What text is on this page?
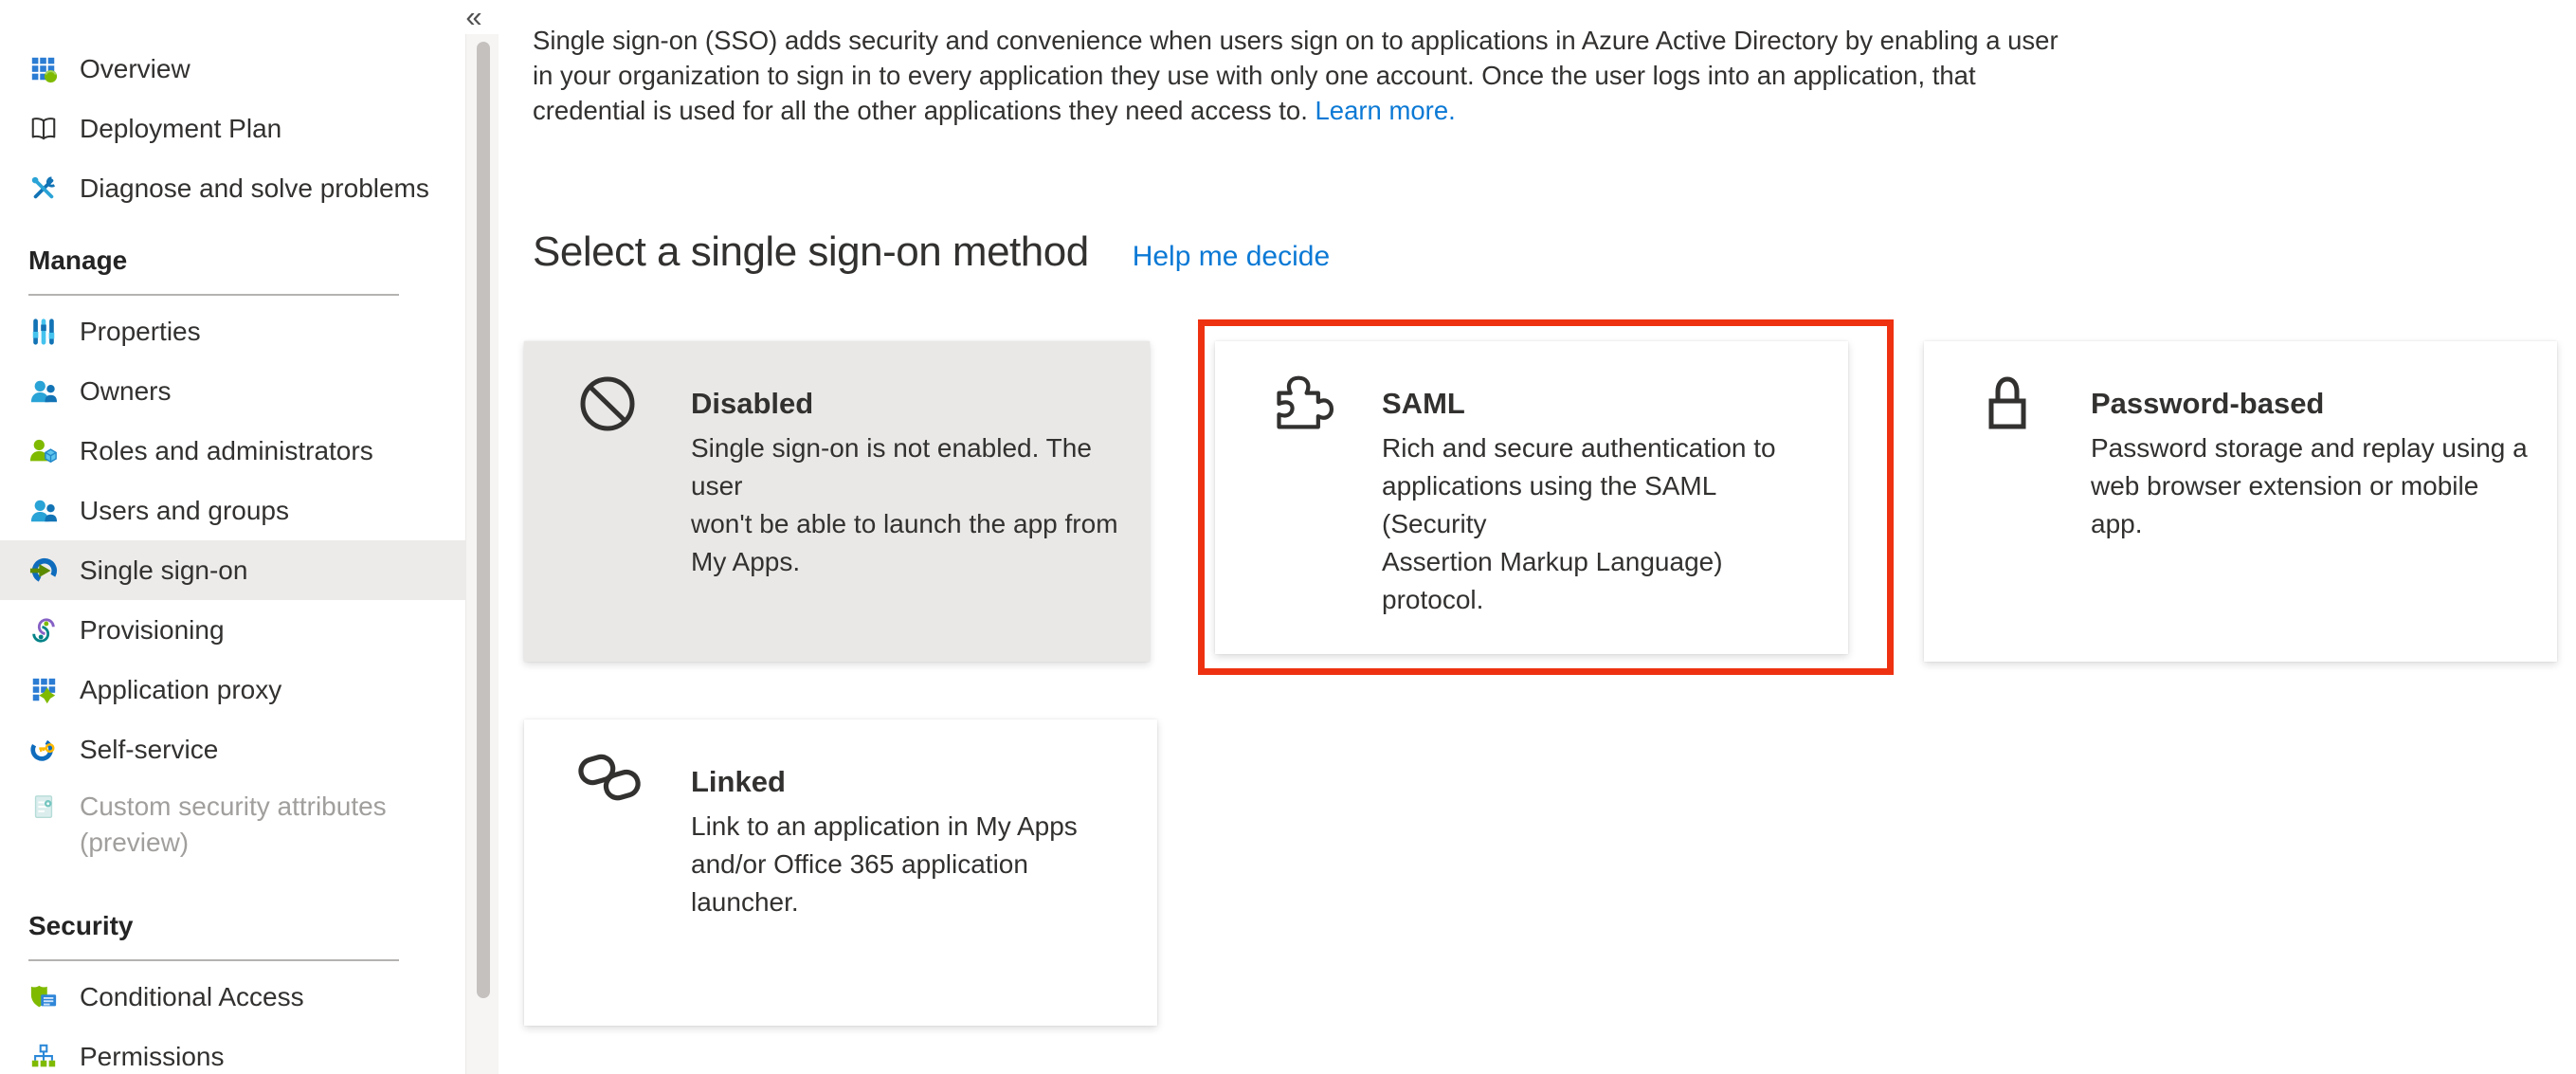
Overview
Deployment Plan
Diagnose and solve problems
Manage
Properties
Owners
Roles and administrators
Users and groups
Single sign-on
Provisioning
Application proxy
Self-service
Custom security attributes
(preview)
Security
Conditional Access
Permissions
«
Single sign-on (SSO) adds security and convenience when users sign on to applications in Azure Active Directory by enabling a user
in your organization to sign in to every application they use with only one account. Once the user logs into an application, that
credential is used for all the other applications they need access to. Learn more.
Select a single sign-on method Help me decide
Disabled
Single sign-on is not enabled. The user
won't be able to launch the app from
My Apps.
SAML
Rich and secure authentication to
applications using the SAML (Security
Assertion Markup Language) protocol.
Password-based
Password storage and replay using a
web browser extension or mobile app.
Linked
Link to an application in My Apps
and/or Office 365 application launcher.
